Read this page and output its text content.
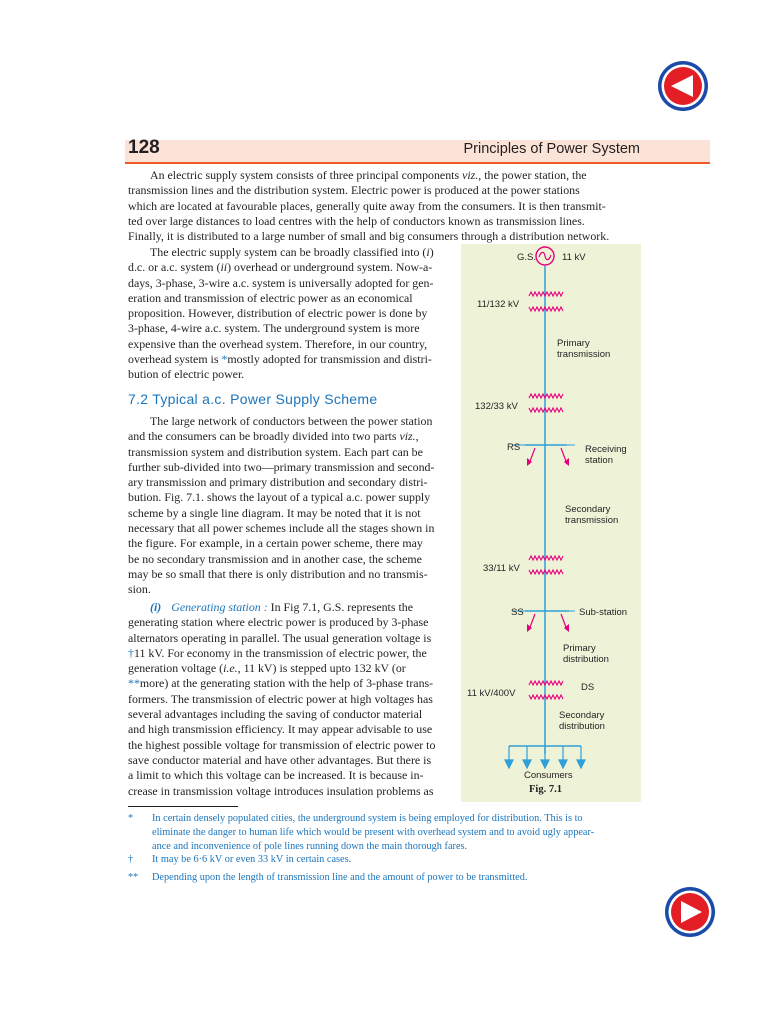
128	Principles of Power System
An electric supply system consists of three principal components viz., the power station, the
transmission lines and the distribution system. Electric power is produced at the power stations
which are located at favourable places, generally quite away from the consumers. It is then transmit-
ted over large distances to load centres with the help of conductors known as transmission lines.
Finally, it is distributed to a large number of small and big consumers through a distribution network.
The electric supply system can be broadly classified into (i)
d.c. or a.c. system (ii) overhead or underground system. Now-a-
days, 3-phase, 3-wire a.c. system is universally adopted for gen-
eration and transmission of electric power as an economical
proposition. However, distribution of electric power is done by
3-phase, 4-wire a.c. system. The underground system is more
expensive than the overhead system. Therefore, in our country,
overhead system is *mostly adopted for transmission and distri-
bution of electric power.
7.2 Typical a.c. Power Supply Scheme
The large network of conductors between the power station
and the consumers can be broadly divided into two parts viz.,
transmission system and distribution system. Each part can be
further sub-divided into two—primary transmission and second-
ary transmission and primary distribution and secondary distri-
bution. Fig. 7.1. shows the layout of a typical a.c. power supply
scheme by a single line diagram. It may be noted that it is not
necessary that all power schemes include all the stages shown in
the figure. For example, in a certain power scheme, there may
be no secondary transmission and in another case, the scheme
may be so small that there is only distribution and no transmis-
sion.
(i) Generating station : In Fig 7.1, G.S. represents the
generating station where electric power is produced by 3-phase
alternators operating in parallel. The usual generation voltage is
†11 kV. For economy in the transmission of electric power, the
generation voltage (i.e., 11 kV) is stepped upto 132 kV (or
**more) at the generating station with the help of 3-phase trans-
formers. The transmission of electric power at high voltages has
several advantages including the saving of conductor material
and high transmission efficiency. It may appear advisable to use
the highest possible voltage for transmission of electric power to
save conductor material and have other advantages. But there is
a limit to which this voltage can be increased. It is because in-
crease in transmission voltage introduces insulation problems as
G.S.	11 kV
11/132 kV
Primary
transmission
132/33 kV
RS	Receiving
station
Secondary
transmission
33/11 kV
SS	Sub-station
Primary
distribution
11 kV/400V
DS
Secondary
distribution
Consumers
Fig. 7.1
* In certain densely populated cities, the underground system is being employed for distribution. This is to
eliminate the danger to human life which would be present with overhead system and to avoid ugly appear-
ance and inconvenience of pole lines running down the main thorough fares.
† It may be 6·6 kV or even 33 kV in certain cases.
** Depending upon the length of transmission line and the amount of power to be transmitted.
